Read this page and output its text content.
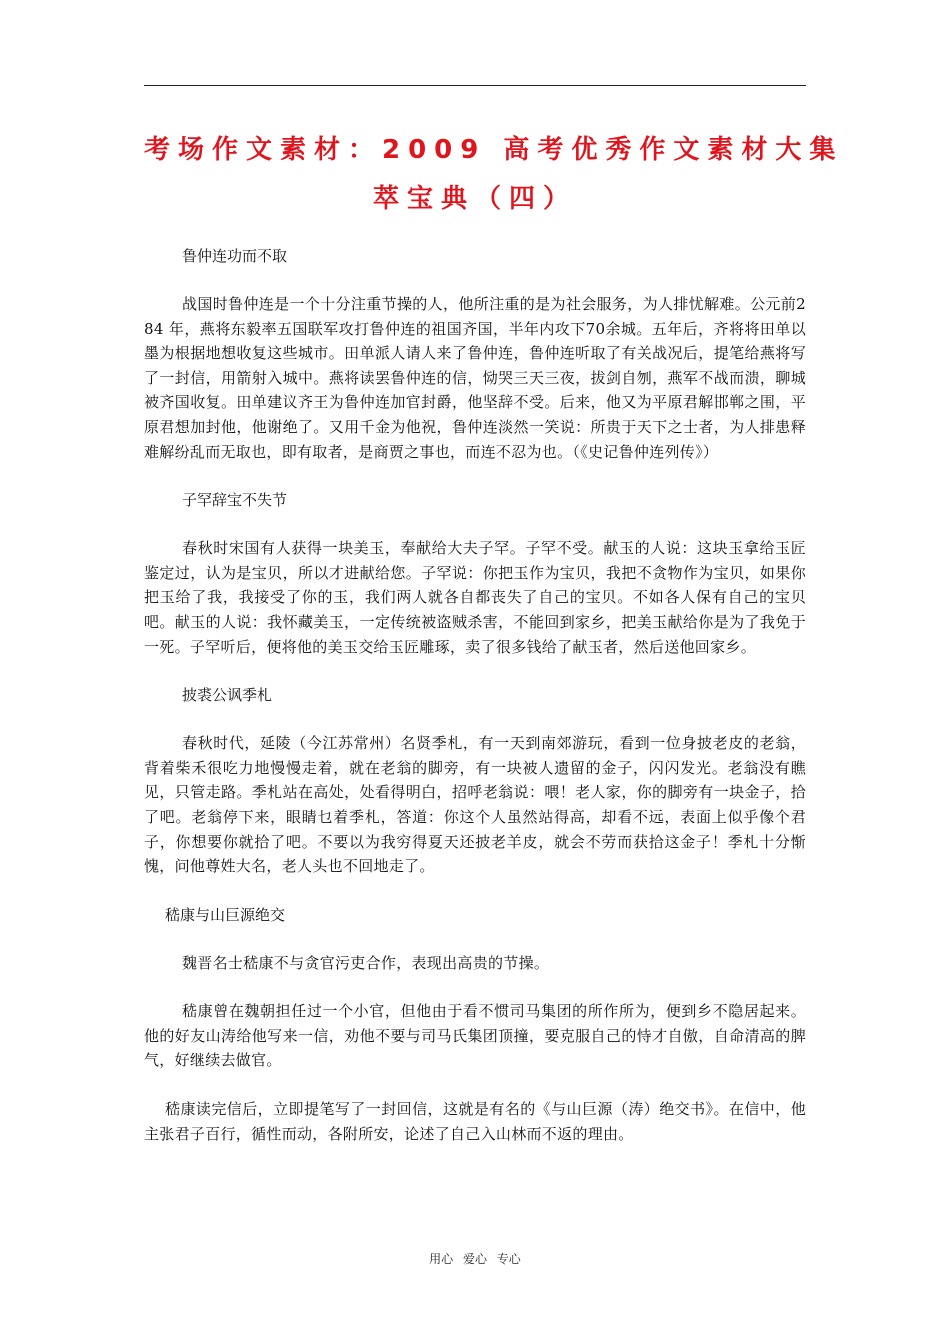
考场作文素材：2009 高考优秀作文素材大集
萃宝典（四）
鲁仲连功而不取
战国时鲁仲连是一个十分注重节操的人，他所注重的是为社会服务，为人排忧解难。公元前284 年，燕将东毅率五国联军攻打鲁仲连的祖国齐国，半年内攻下70余城。五年后，齐将将田单以墨为根据地想收复这些城市。田单派人请人来了鲁仲连，鲁仲连听取了有关战况后，提笔给燕将写了一封信，用箭射入城中。燕将读罢鲁仲连的信，恸哭三天三夜，拔剑自刎，燕军不战而溃，聊城被齐国收复。田单建议齐王为鲁仲连加官封爵，他坚辞不受。后来，他又为平原君解邯郸之围，平原君想加封他，他谢绝了。又用千金为他祝，鲁仲连淡然一笑说：所贵于天下之士者，为人排患释难解纷乱而无取也，即有取者，是商贾之事也，而连不忍为也。（《史记鲁仲连列传》）
子罕辞宝不失节
春秋时宋国有人获得一块美玉，奉献给大夫子罕。子罕不受。献玉的人说：这块玉拿给玉匠鉴定过，认为是宝贝，所以才进献给您。子罕说：你把玉作为宝贝，我把不贪物作为宝贝，如果你把玉给了我，我接受了你的玉，我们两人就各自都丧失了自己的宝贝。不如各人保有自己的宝贝吧。献玉的人说：我怀藏美玉，一定传统被盗贼杀害，不能回到家乡，把美玉献给你是为了我免于一死。子罕听后，便将他的美玉交给玉匠雕琢，卖了很多钱给了献玉者，然后送他回家乡。
披裘公讽季札
春秋时代，延陵（今江苏常州）名贤季札，有一天到南郊游玩，看到一位身披老皮的老翁，背着柴禾很吃力地慢慢走着，就在老翁的脚旁，有一块被人遗留的金子，闪闪发光。老翁没有瞧见，只管走路。季札站在高处，处看得明白，招呼老翁说：喂！老人家，你的脚旁有一块金子，拾了吧。老翁停下来，眼睛乜着季札，答道：你这个人虽然站得高，却看不远，表面上似乎像个君子，你想要你就拾了吧。不要以为我穷得夏天还披老羊皮，就会不劳而获拾这金子！季札十分惭愧，问他尊姓大名，老人头也不回地走了。
嵇康与山巨源绝交
魏晋名士嵇康不与贪官污吏合作，表现出高贵的节操。
嵇康曾在魏朝担任过一个小官，但他由于看不惯司马集团的所作所为，便到乡不隐居起来。他的好友山涛给他写来一信，劝他不要与司马氏集团顶撞，要克服自己的恃才自傲，自命清高的脾气，好继续去做官。
嵇康读完信后，立即提笔写了一封回信，这就是有名的《与山巨源（涛）绝交书》。在信中，他主张君子百行，循性而动，各附所安，论述了自己入山林而不返的理由。
用心 爱心 专心
